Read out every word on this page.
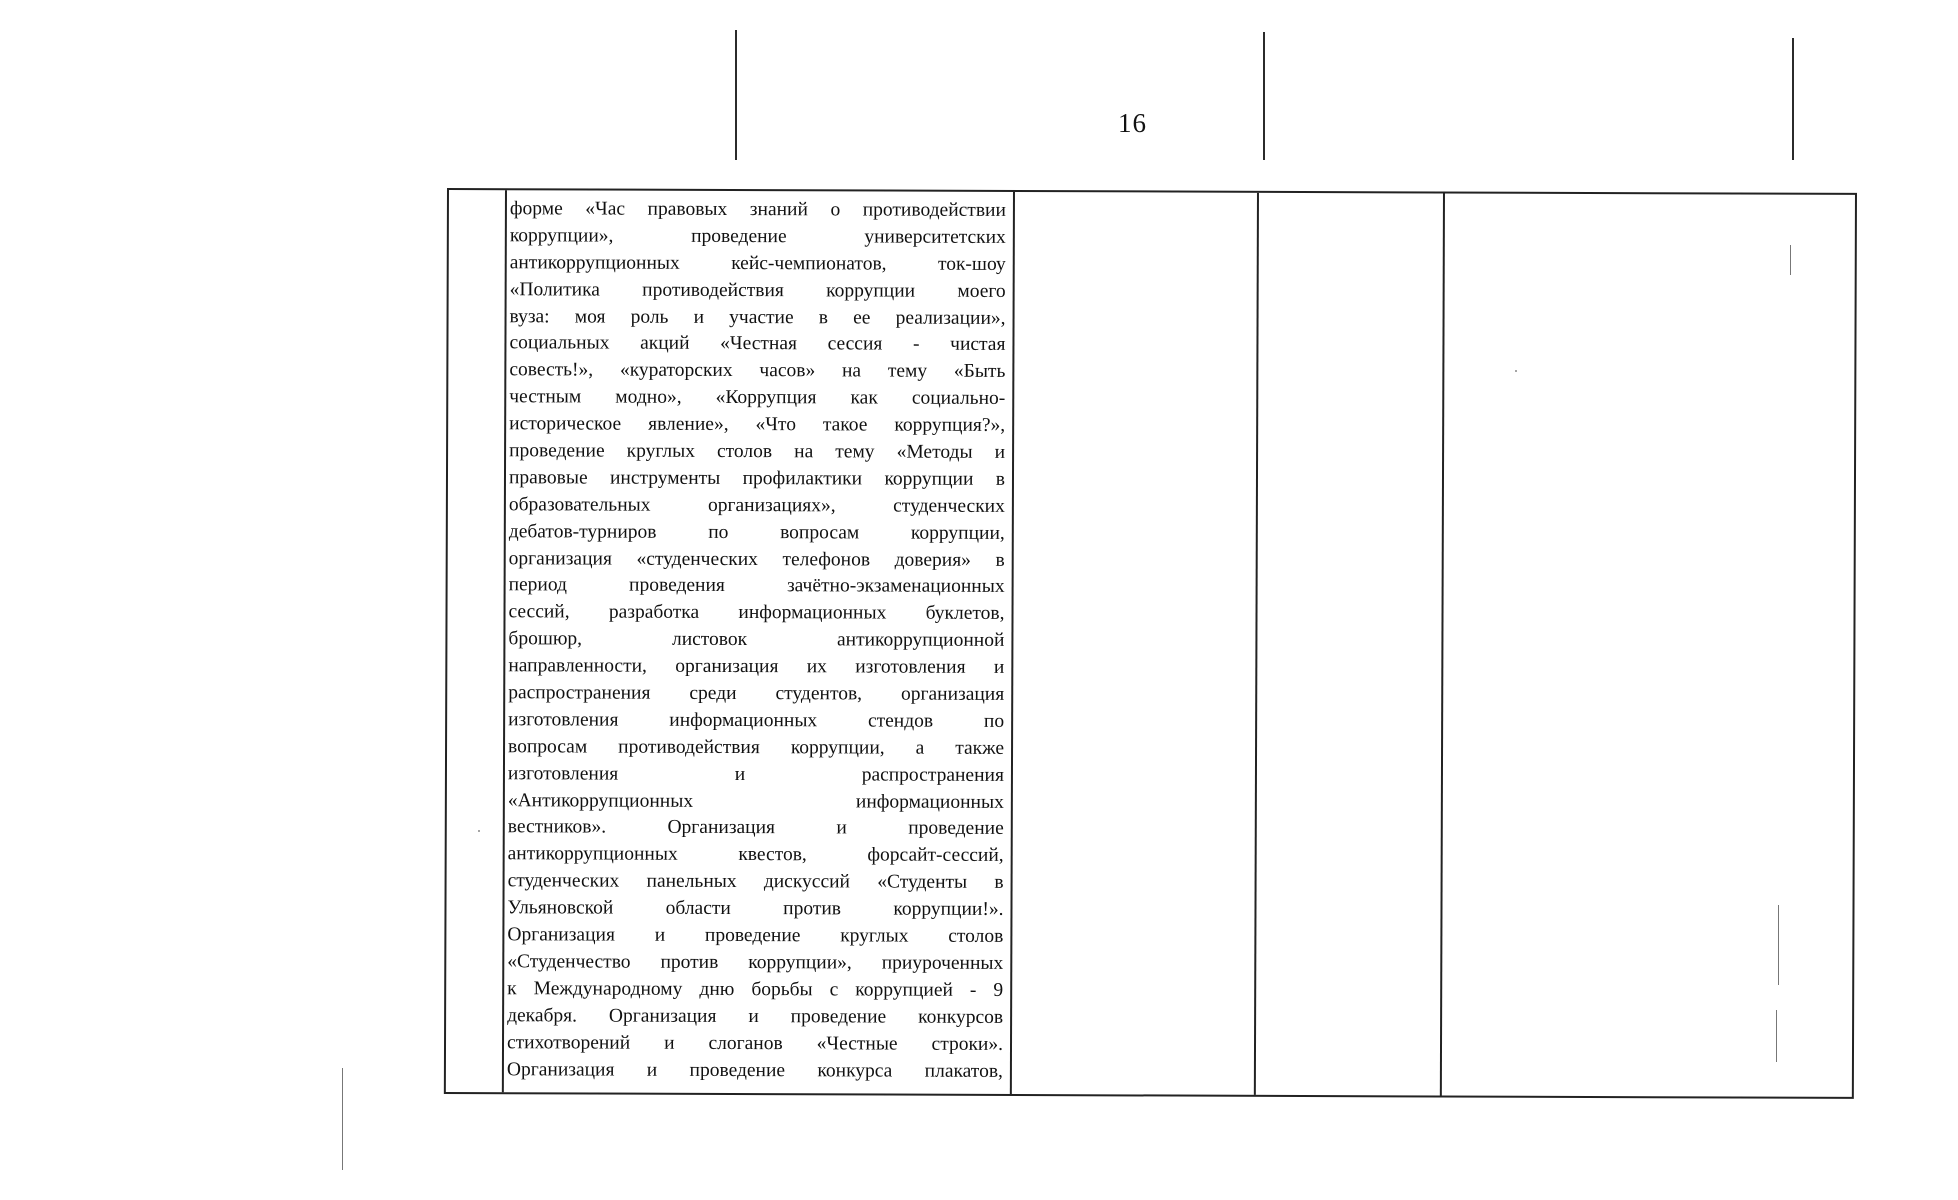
16
форме «Час правовых знаний о противодействии
коррупции», проведение университетских
антикоррупционных кейс-чемпионатов, ток-шоу
«Политика противодействия коррупции моего
вуза: моя роль и участие в ее реализации»,
социальных акций «Честная сессия - чистая
совесть!», «кураторских часов» на тему «Быть
честным модно», «Коррупция как социально-
историческое явление», «Что такое коррупция?»,
проведение круглых столов на тему «Методы и
правовые инструменты профилактики коррупции в
образовательных организациях», студенческих
дебатов-турниров по вопросам коррупции,
организация «студенческих телефонов доверия» в
период проведения зачётно-экзаменационных
сессий, разработка информационных буклетов,
брошюр, листовок антикоррупционной
направленности, организация их изготовления и
распространения среди студентов, организация
изготовления информационных стендов по
вопросам противодействия коррупции, а также
изготовления и распространения
«Антикоррупционных информационных
вестников». Организация и проведение
антикоррупционных квестов, форсайт-сессий,
студенческих панельных дискуссий «Студенты в
Ульяновской области против коррупции!».
Организация и проведение круглых столов
«Студенчество против коррупции», приуроченных
к Международному дню борьбы с коррупцией - 9
декабря. Организация и проведение конкурсов
стихотворений и слоганов «Честные строки».
Организация и проведение конкурса плакатов,
